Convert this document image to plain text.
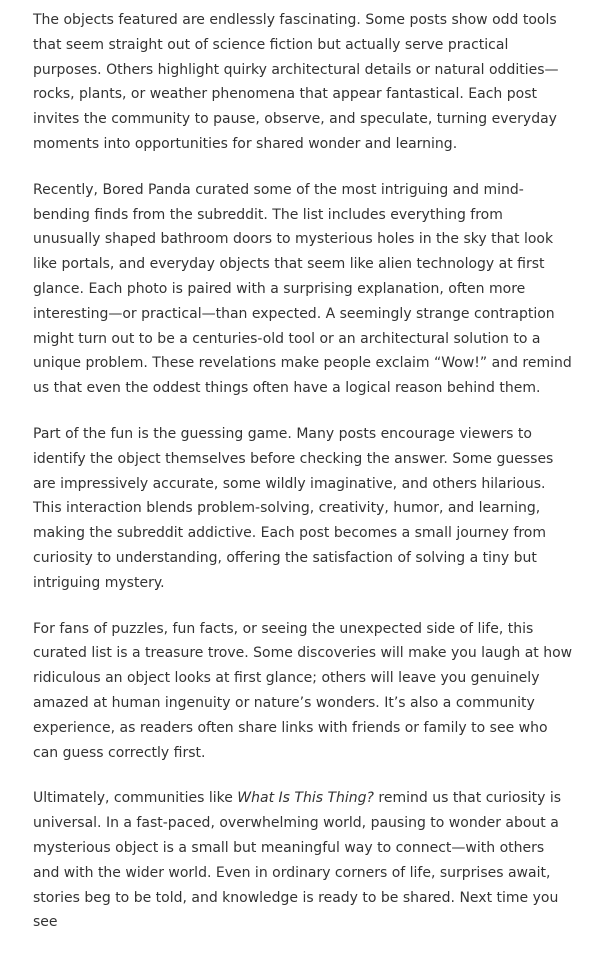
The objects featured are endlessly fascinating. Some posts show odd tools that seem straight out of science fiction but actually serve practical purposes. Others highlight quirky architectural details or natural oddities—rocks, plants, or weather phenomena that appear fantastical. Each post invites the community to pause, observe, and speculate, turning everyday moments into opportunities for shared wonder and learning.

Recently, Bored Panda curated some of the most intriguing and mind-bending finds from the subreddit. The list includes everything from unusually shaped bathroom doors to mysterious holes in the sky that look like portals, and everyday objects that seem like alien technology at first glance. Each photo is paired with a surprising explanation, often more interesting—or practical—than expected. A seemingly strange contraption might turn out to be a centuries-old tool or an architectural solution to a unique problem. These revelations make people exclaim “Wow!” and remind us that even the oddest things often have a logical reason behind them.

Part of the fun is the guessing game. Many posts encourage viewers to identify the object themselves before checking the answer. Some guesses are impressively accurate, some wildly imaginative, and others hilarious. This interaction blends problem-solving, creativity, humor, and learning, making the subreddit addictive. Each post becomes a small journey from curiosity to understanding, offering the satisfaction of solving a tiny but intriguing mystery.

For fans of puzzles, fun facts, or seeing the unexpected side of life, this curated list is a treasure trove. Some discoveries will make you laugh at how ridiculous an object looks at first glance; others will leave you genuinely amazed at human ingenuity or nature’s wonders. It’s also a community experience, as readers often share links with friends or family to see who can guess correctly first.

Ultimately, communities like What Is This Thing? remind us that curiosity is universal. In a fast-paced, overwhelming world, pausing to wonder about a mysterious object is a small but meaningful way to connect—with others and with the wider world. Even in ordinary corners of life, surprises await, stories beg to be told, and knowledge is ready to be shared. Next time you see
